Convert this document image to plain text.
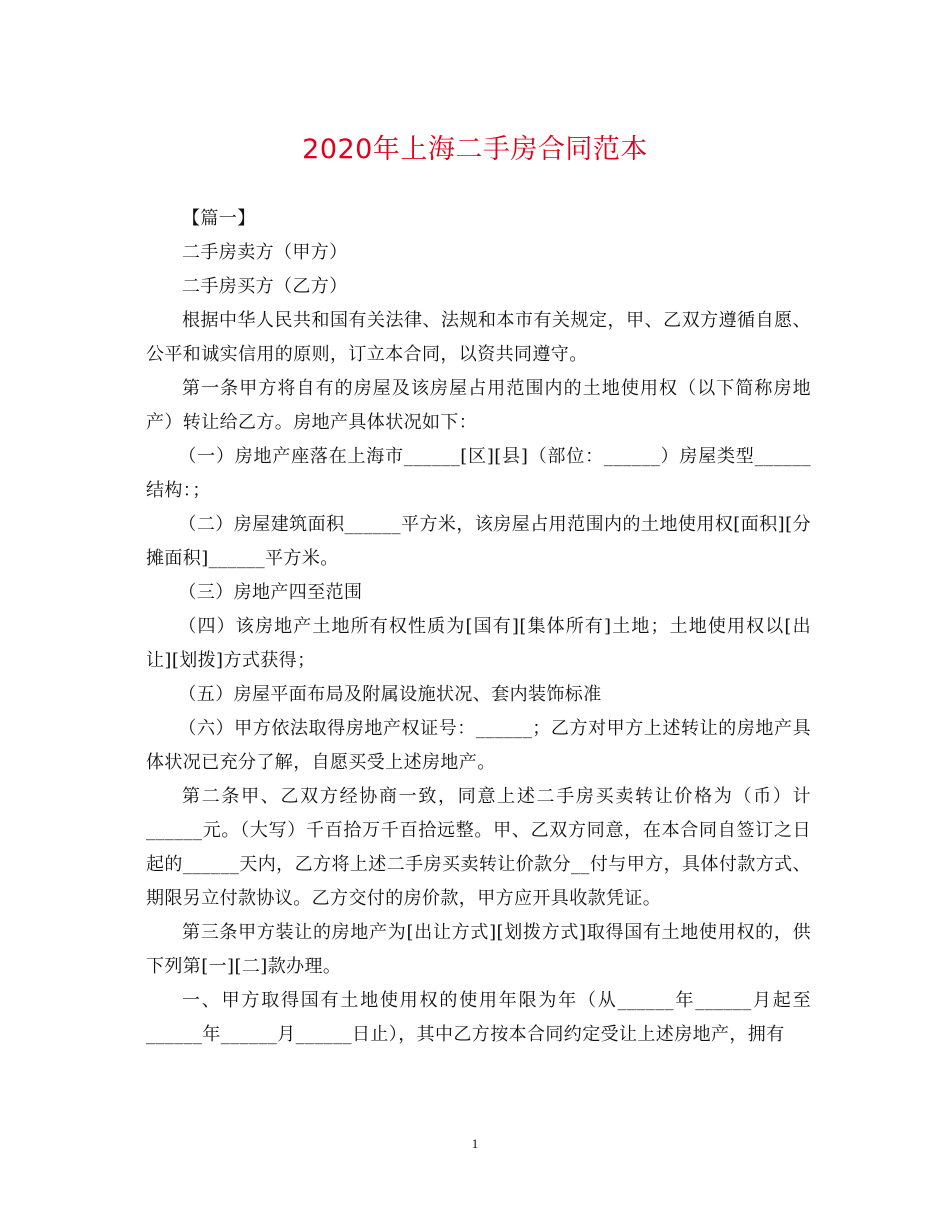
2020年上海二手房合同范本

【篇一】

二手房卖方（甲方）

二手房买方（乙方）

根据中华人民共和国有关法律、法规和本市有关规定，甲、乙双方遵循自愿、公平和诚实信用的原则，订立本合同，以资共同遵守。

第一条甲方将自有的房屋及该房屋占用范围内的土地使用权（以下简称房地产）转让给乙方。房地产具体状况如下：

（一）房地产座落在上海市______[区][县]（部位：______）房屋类型______结构：；

（二）房屋建筑面积______平方米，该房屋占用范围内的土地使用权[面积][分摊面积]______平方米。

（三）房地产四至范围

（四）该房地产土地所有权性质为[国有][集体所有]土地；土地使用权以[出让][划拨]方式获得；

（五）房屋平面布局及附属设施状况、套内装饰标准

（六）甲方依法取得房地产权证号：______；乙方对甲方上述转让的房地产具体状况已充分了解，自愿买受上述房地产。

第二条甲、乙双方经协商一致，同意上述二手房买卖转让价格为（币）计______元。（大写）千百拾万千百拾远整。甲、乙双方同意，在本合同自签订之日起的______天内，乙方将上述二手房买卖转让价款分__付与甲方，具体付款方式、期限另立付款协议。乙方交付的房价款，甲方应开具收款凭证。

第三条甲方装让的房地产为[出让方式][划拨方式]取得国有土地使用权的，供下列第[一][二]款办理。

一、甲方取得国有土地使用权的使用年限为年（从______年______月起至______年______月______日止），其中乙方按本合同约定受让上述房地产，拥有

1
